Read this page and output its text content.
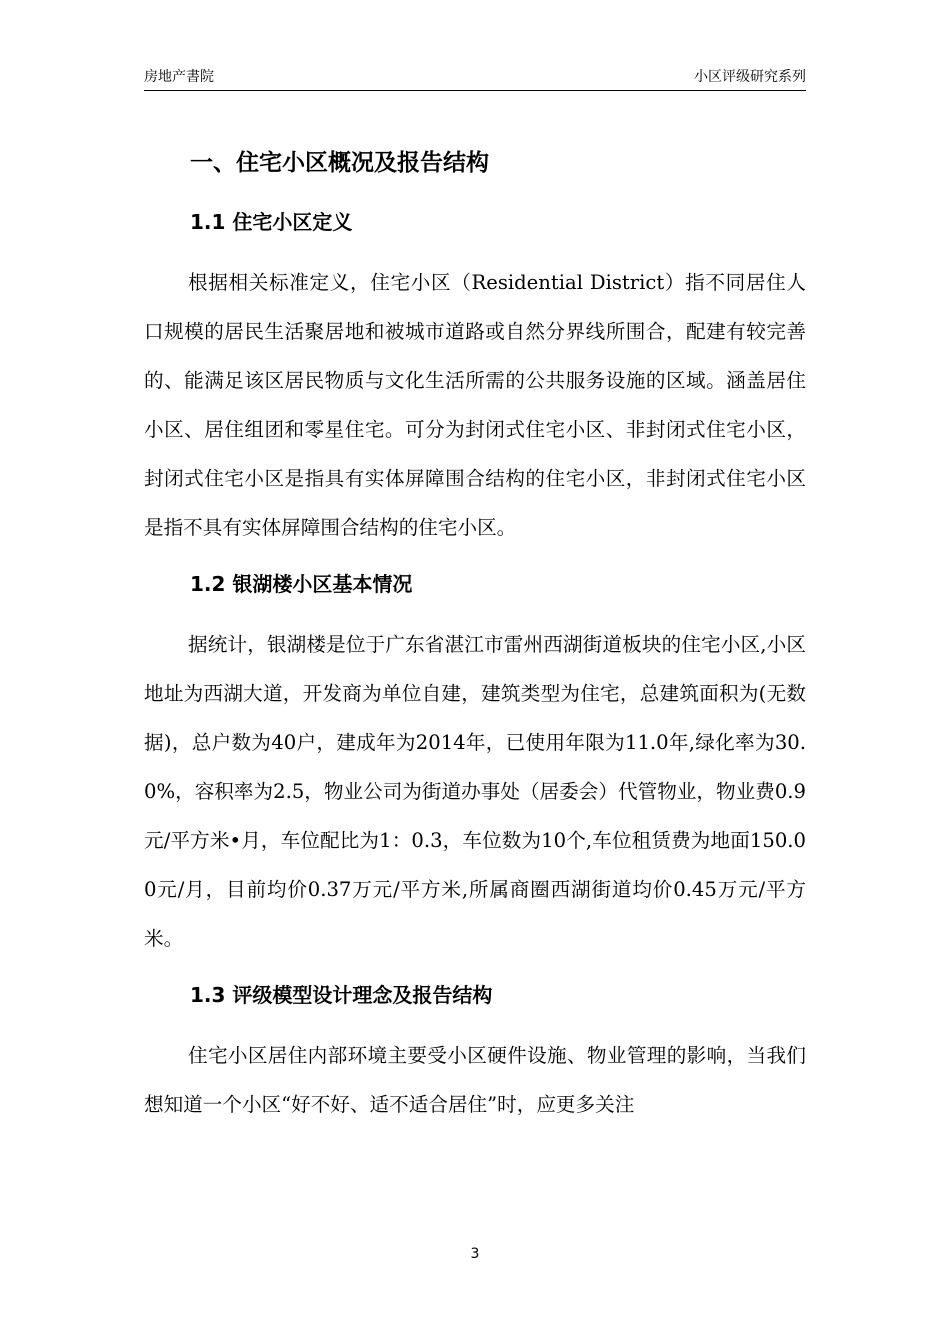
房地产書院	小区评级研究系列
一、住宅小区概况及报告结构
1.1 住宅小区定义

根据相关标准定义，住宅小区（Residential District）指不同居住人口规模的居民生活聚居地和被城市道路或自然分界线所围合，配建有较完善的、能满足该区居民物质与文化生活所需的公共服务设施的区域。涵盖居住小区、居住组团和零星住宅。可分为封闭式住宅小区、非封闭式住宅小区，封闭式住宅小区是指具有实体屏障围合结构的住宅小区，非封闭式住宅小区是指不具有实体屏障围合结构的住宅小区。

1.2 银湖楼小区基本情况

据统计，银湖楼是位于广东省湛江市雷州西湖街道板块的住宅小区,小区地址为西湖大道，开发商为单位自建，建筑类型为住宅，总建筑面积为(无数据)，总户数为40户，建成年为2014年，已使用年限为11.0年,绿化率为30.0%，容积率为2.5，物业公司为街道办事处（居委会）代管物业，物业费0.9元/平方米•月，车位配比为1：0.3，车位数为10个,车位租赁费为地面150.00元/月，目前均价0.37万元/平方米,所属商圈西湖街道均价0.45万元/平方米。

1.3 评级模型设计理念及报告结构

住宅小区居住内部环境主要受小区硬件设施、物业管理的影响，当我们想知道一个小区“好不好、适不适合居住”时，应更多关注

3
